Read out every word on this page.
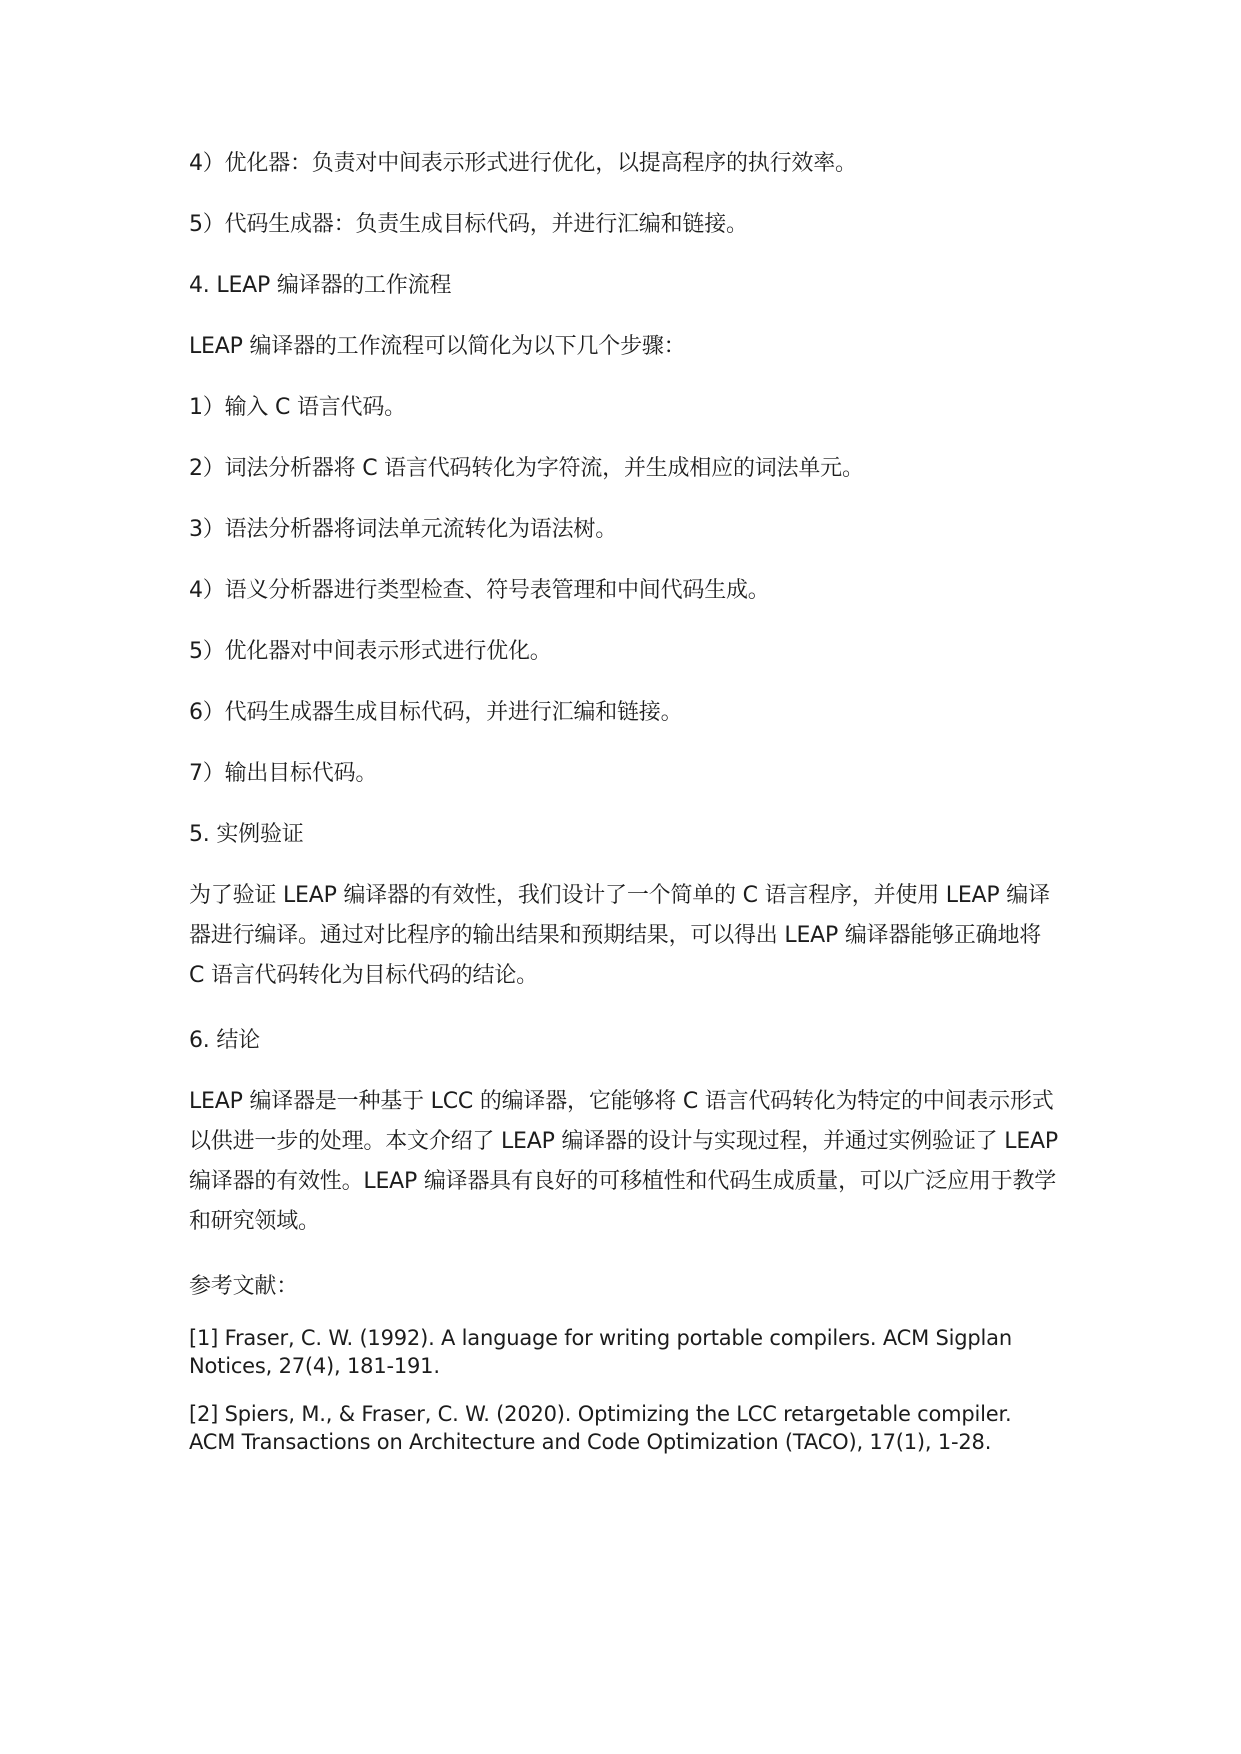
4）优化器：负责对中间表示形式进行优化，以提高程序的执行效率。

5）代码生成器：负责生成目标代码，并进行汇编和链接。

4. LEAP 编译器的工作流程

LEAP 编译器的工作流程可以简化为以下几个步骤：

1）输入 C 语言代码。

2）词法分析器将 C 语言代码转化为字符流，并生成相应的词法单元。

3）语法分析器将词法单元流转化为语法树。

4）语义分析器进行类型检查、符号表管理和中间代码生成。

5）优化器对中间表示形式进行优化。

6）代码生成器生成目标代码，并进行汇编和链接。

7）输出目标代码。

5. 实例验证

为了验证 LEAP 编译器的有效性，我们设计了一个简单的 C 语言程序，并使用 LEAP 编译器进行编译。通过对比程序的输出结果和预期结果，可以得出 LEAP 编译器能够正确地将 C 语言代码转化为目标代码的结论。

6. 结论

LEAP 编译器是一种基于 LCC 的编译器，它能够将 C 语言代码转化为特定的中间表示形式以供进一步的处理。本文介绍了 LEAP 编译器的设计与实现过程，并通过实例验证了 LEAP 编译器的有效性。LEAP 编译器具有良好的可移植性和代码生成质量，可以广泛应用于教学和研究领域。

参考文献：

[1] Fraser, C. W. (1992). A language for writing portable compilers. ACM Sigplan Notices, 27(4), 181-191.

[2] Spiers, M., & Fraser, C. W. (2020). Optimizing the LCC retargetable compiler. ACM Transactions on Architecture and Code Optimization (TACO), 17(1), 1-28.
